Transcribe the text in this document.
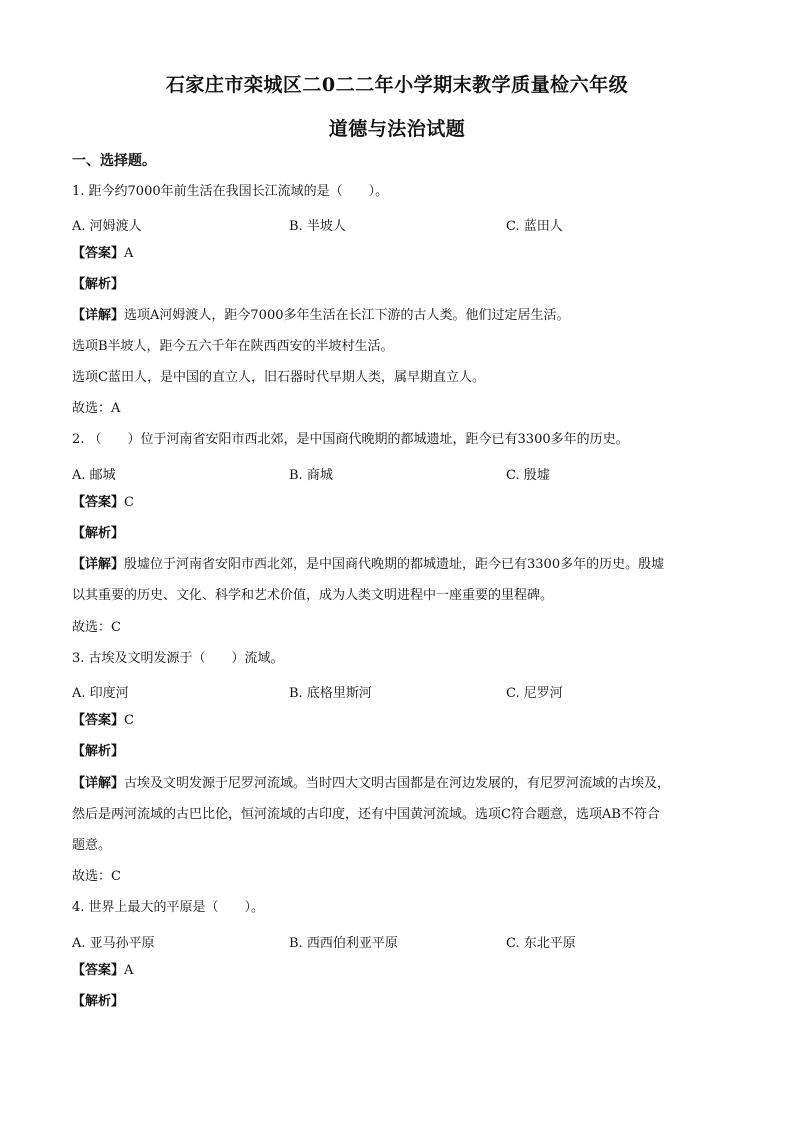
石家庄市栾城区二0二二年小学期末教学质量检六年级
道德与法治试题
一、选择题。
1. 距今约7000年前生活在我国长江流域的是（　　）。
A. 河姆渡人	B. 半坡人	C. 蓝田人
【答案】A
【解析】
【详解】选项A河姆渡人，距今7000多年生活在长江下游的古人类。他们过定居生活。
选项B半坡人，距今五六千年在陕西西安的半坡村生活。
选项C蓝田人，是中国的直立人，旧石器时代早期人类，属早期直立人。
故选：A
2. （　　）位于河南省安阳市西北郊，是中国商代晚期的都城遗址，距今已有3300多年的历史。
A. 邮城	B. 商城	C. 殷墟
【答案】C
【解析】
【详解】殷墟位于河南省安阳市西北郊，是中国商代晚期的都城遗址，距今已有3300多年的历史。殷墟
以其重要的历史、文化、科学和艺术价值，成为人类文明进程中一座重要的里程碑。
故选：C
3. 古埃及文明发源于（　　）流域。
A. 印度河	B. 底格里斯河	C. 尼罗河
【答案】C
【解析】
【详解】古埃及文明发源于尼罗河流域。当时四大文明古国都是在河边发展的，有尼罗河流域的古埃及，
然后是两河流域的古巴比伦，恒河流域的古印度，还有中国黄河流域。选项C符合题意，选项AB不符合
题意。
故选：C
4. 世界上最大的平原是（　　）。
A. 亚马孙平原	B. 西西伯利亚平原	C. 东北平原
【答案】A
【解析】
